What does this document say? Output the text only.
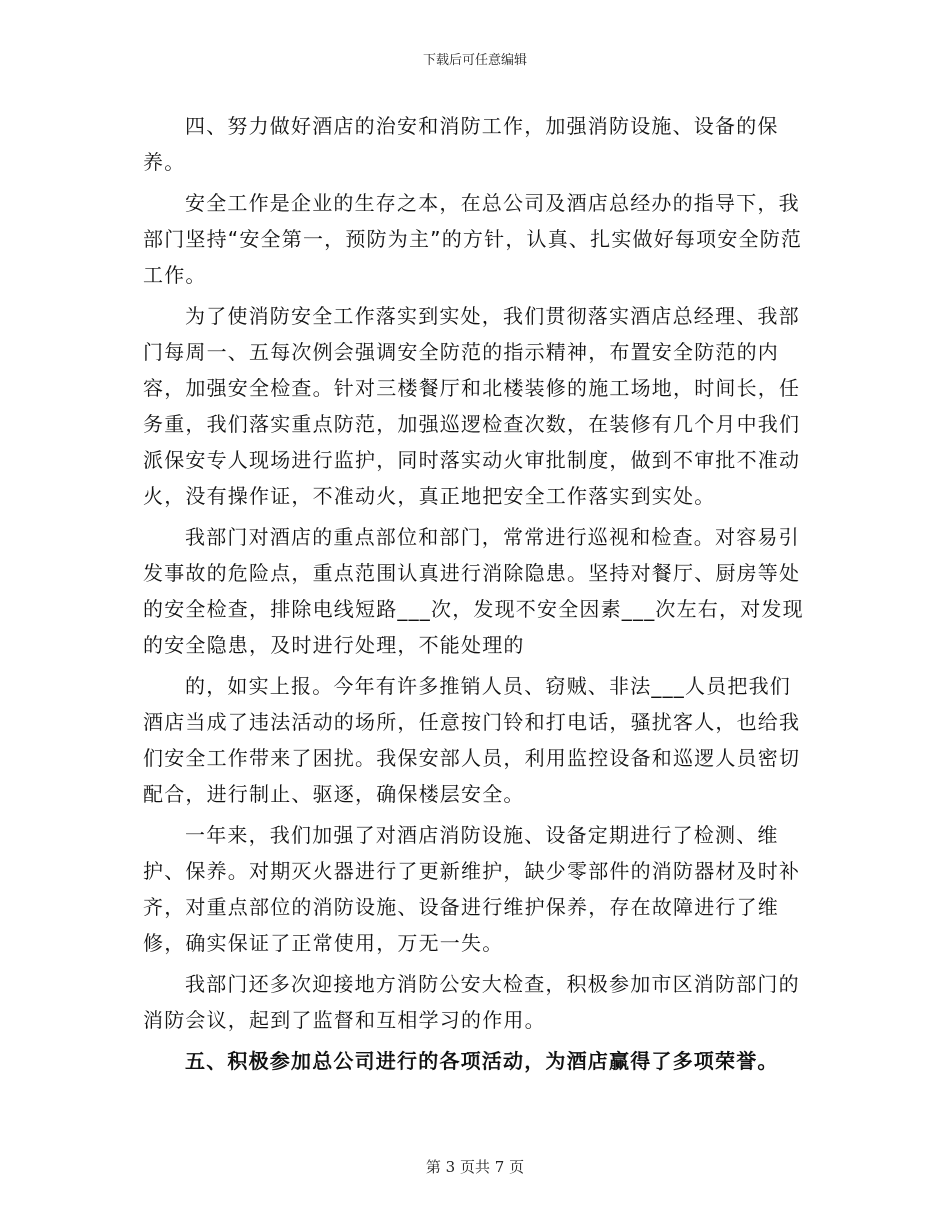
下载后可任意编辑

四、努力做好酒店的治安和消防工作，加强消防设施、设备的保养。

安全工作是企业的生存之本，在总公司及酒店总经办的指导下，我部门坚持“安全第一，预防为主”的方针，认真、扎实做好每项安全防范工作。

为了使消防安全工作落实到实处，我们贯彻落实酒店总经理、我部门每周一、五每次例会强调安全防范的指示精神，布置安全防范的内容，加强安全检查。针对三楼餐厅和北楼装修的施工场地，时间长，任务重，我们落实重点防范，加强巡逻检查次数，在装修有几个月中我们派保安专人现场进行监护，同时落实动火审批制度，做到不审批不准动火，没有操作证，不准动火，真正地把安全工作落实到实处。

我部门对酒店的重点部位和部门，常常进行巡视和检查。对容易引发事故的危险点，重点范围认真进行消除隐患。坚持对餐厅、厨房等处的安全检查，排除电线短路___次，发现不安全因素___次左右，对发现的安全隐患，及时进行处理，不能处理的

的，如实上报。今年有许多推销人员、窃贼、非法___人员把我们酒店当成了违法活动的场所，任意按门铃和打电话，骚扰客人，也给我们安全工作带来了困扰。我保安部人员，利用监控设备和巡逻人员密切配合，进行制止、驱逐，确保楼层安全。

一年来，我们加强了对酒店消防设施、设备定期进行了检测、维护、保养。对期灭火器进行了更新维护，缺少零部件的消防器材及时补齐，对重点部位的消防设施、设备进行维护保养，存在故障进行了维修，确实保证了正常使用，万无一失。

我部门还多次迎接地方消防公安大检查，积极参加市区消防部门的消防会议，起到了监督和互相学习的作用。

五、积极参加总公司进行的各项活动，为酒店赢得了多项荣誉。

第 3 页共 7 页
